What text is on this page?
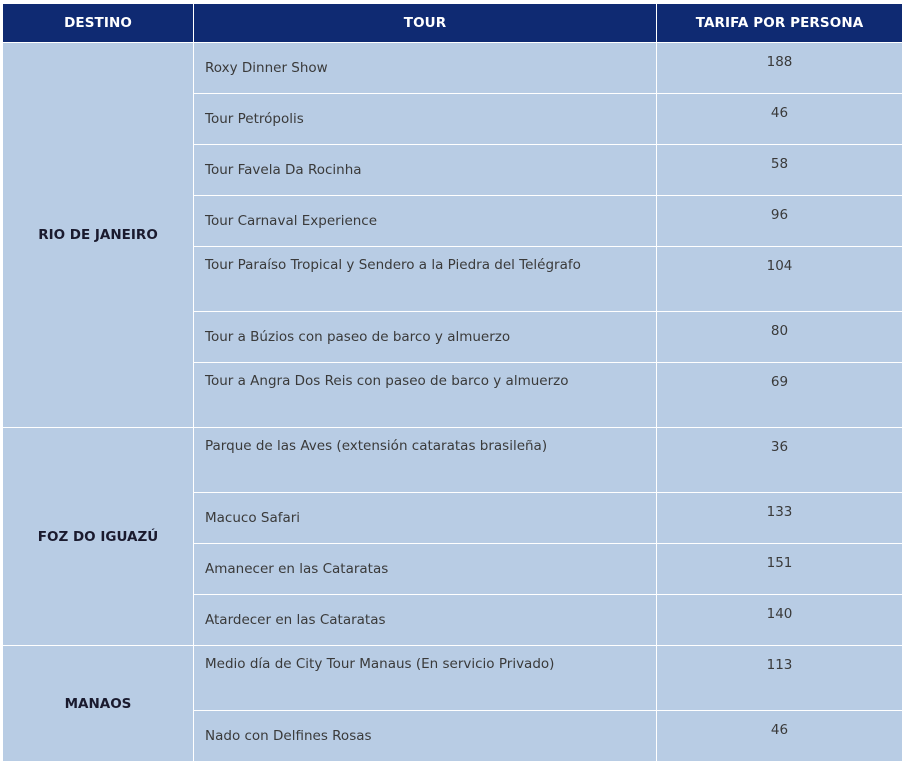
DESTINO	TOUR	TARIFA POR PERSONA
RIO DE JANEIRO	Roxy Dinner Show	188
	Tour Petrópolis	46
	Tour Favela Da Rocinha	58
	Tour Carnaval Experience	96
	Tour Paraíso Tropical y Sendero a la Piedra del Telégrafo	104
	Tour a Búzios con paseo de barco y almuerzo	80
	Tour a Angra Dos Reis con paseo de barco y almuerzo	69
FOZ DO IGUAZÚ	Parque de las Aves (extensión cataratas brasileña)	36
	Macuco Safari	133
	Amanecer en las Cataratas	151
	Atardecer en las Cataratas	140
MANAOS	Medio día de City Tour Manaus (En servicio Privado)	113
	Nado con Delfines Rosas	46
